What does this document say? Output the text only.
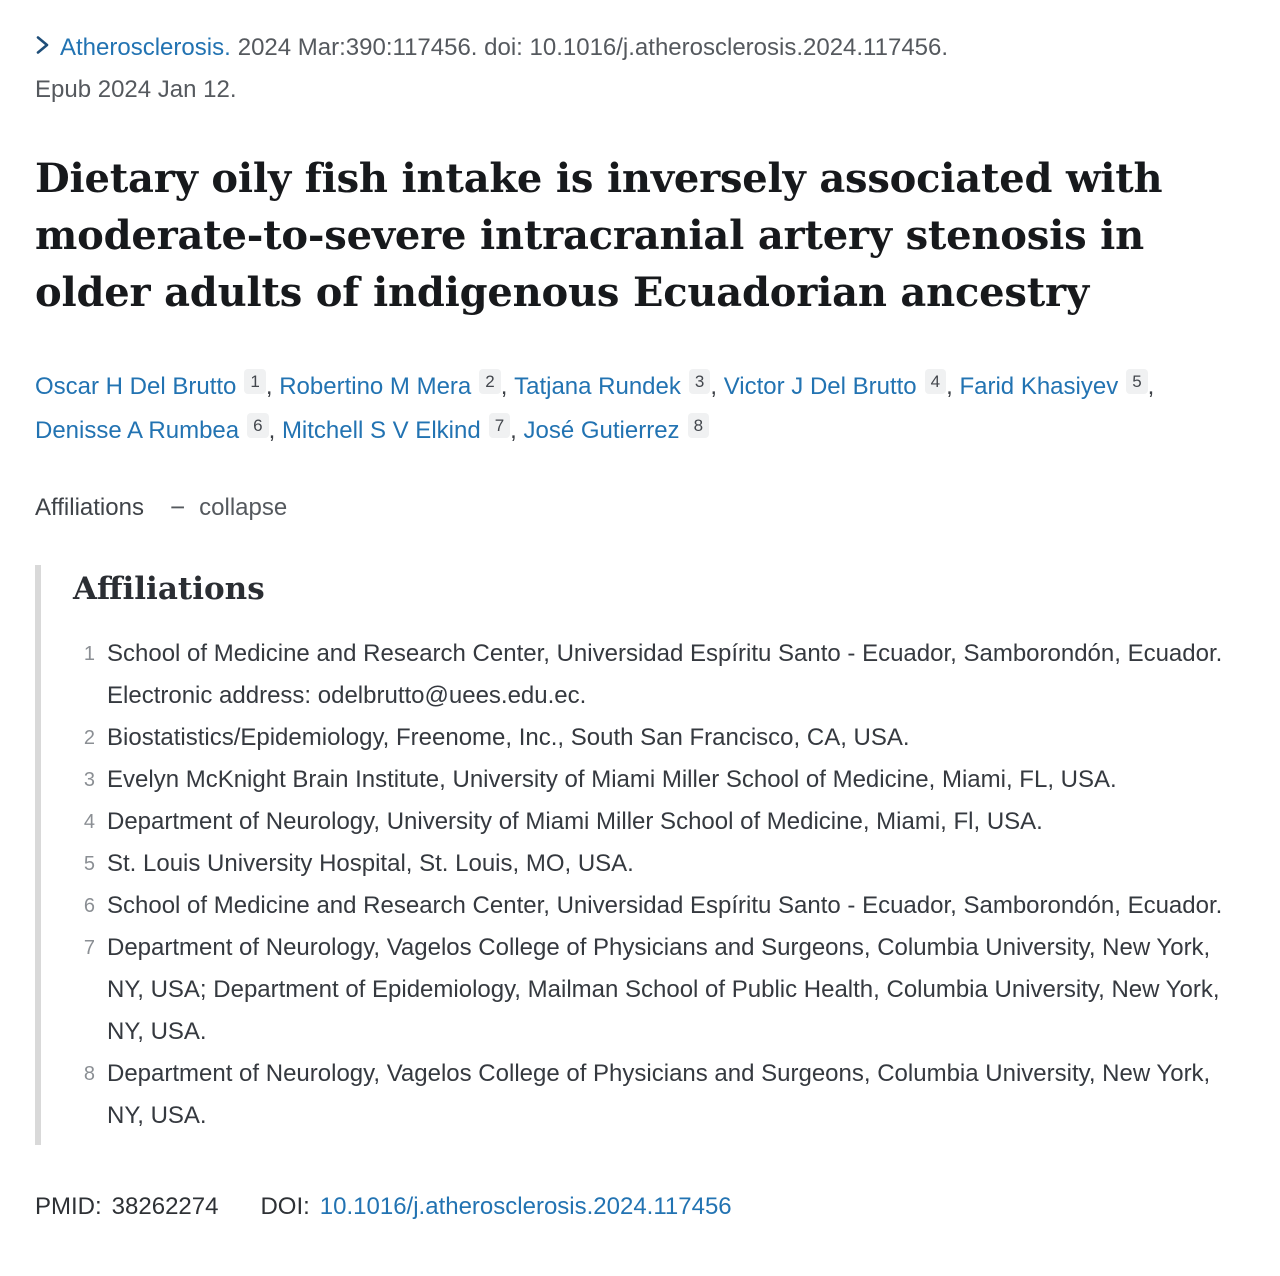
Atherosclerosis. 2024 Mar:390:117456. doi: 10.1016/j.atherosclerosis.2024.117456.
Epub 2024 Jan 12.
Dietary oily fish intake is inversely associated with moderate-to-severe intracranial artery stenosis in older adults of indigenous Ecuadorian ancestry
Oscar H Del Brutto 1 , Robertino M Mera 2 , Tatjana Rundek 3 , Victor J Del Brutto 4 , Farid Khasiyev 5 , Denisse A Rumbea 6 , Mitchell S V Elkind 7 , José Gutierrez 8
Affiliations − collapse
Affiliations
1 School of Medicine and Research Center, Universidad Espíritu Santo - Ecuador, Samborondón, Ecuador. Electronic address: odelbrutto@uees.edu.ec.
2 Biostatistics/Epidemiology, Freenome, Inc., South San Francisco, CA, USA.
3 Evelyn McKnight Brain Institute, University of Miami Miller School of Medicine, Miami, FL, USA.
4 Department of Neurology, University of Miami Miller School of Medicine, Miami, Fl, USA.
5 St. Louis University Hospital, St. Louis, MO, USA.
6 School of Medicine and Research Center, Universidad Espíritu Santo - Ecuador, Samborondón, Ecuador.
7 Department of Neurology, Vagelos College of Physicians and Surgeons, Columbia University, New York, NY, USA; Department of Epidemiology, Mailman School of Public Health, Columbia University, New York, NY, USA.
8 Department of Neurology, Vagelos College of Physicians and Surgeons, Columbia University, New York, NY, USA.
PMID: 38262274 DOI: 10.1016/j.atherosclerosis.2024.117456
